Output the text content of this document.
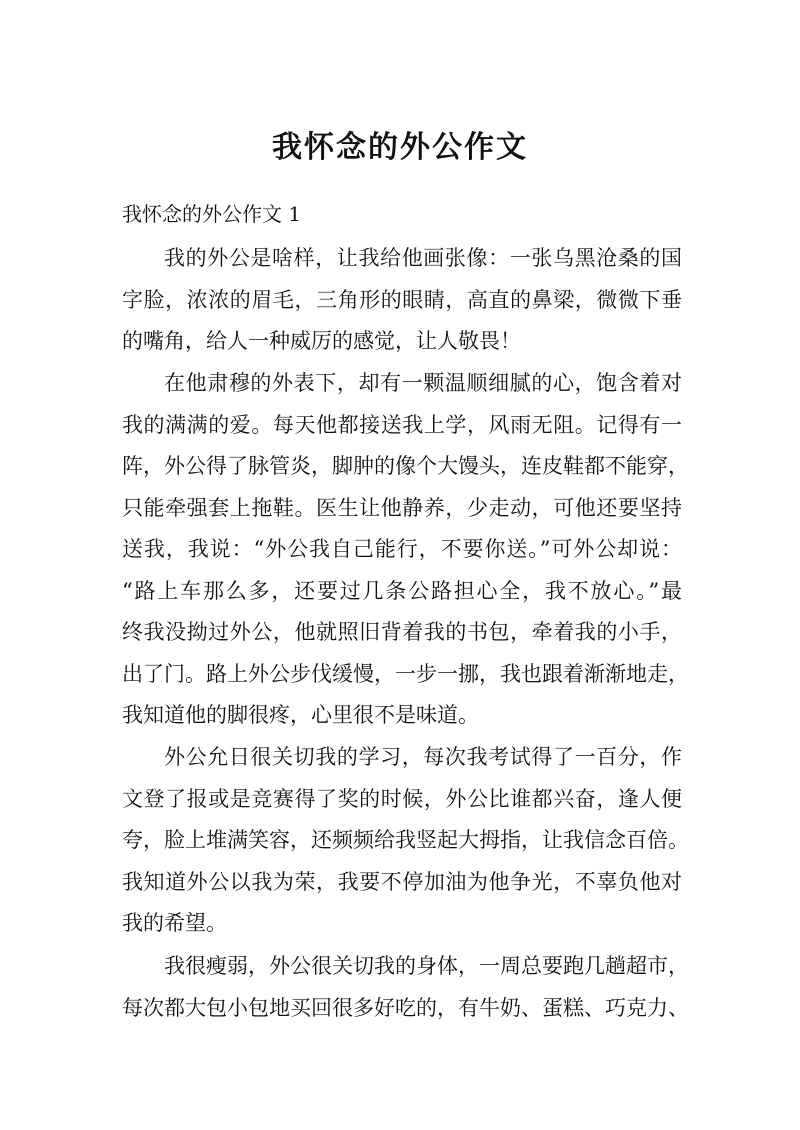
我怀念的外公作文
我怀念的外公作文 1
我的外公是啥样，让我给他画张像：一张乌黑沧桑的国
字脸，浓浓的眉毛，三角形的眼睛，高直的鼻梁，微微下垂
的嘴角，给人一种威厉的感觉，让人敬畏！
在他肃穆的外表下，却有一颗温顺细腻的心，饱含着对
我的满满的爱。每天他都接送我上学，风雨无阻。记得有一
阵，外公得了脉管炎，脚肿的像个大馒头，连皮鞋都不能穿，
只能牵强套上拖鞋。医生让他静养，少走动，可他还要坚持
送我，我说：“外公我自己能行，不要你送。”可外公却说：
“路上车那么多，还要过几条公路担心全，我不放心。”最
终我没拗过外公，他就照旧背着我的书包，牵着我的小手，
出了门。路上外公步伐缓慢，一步一挪，我也跟着渐渐地走，
我知道他的脚很疼，心里很不是味道。
外公允日很关切我的学习，每次我考试得了一百分，作
文登了报或是竞赛得了奖的时候，外公比谁都兴奋，逢人便
夸，脸上堆满笑容，还频频给我竖起大拇指，让我信念百倍。
我知道外公以我为荣，我要不停加油为他争光，不辜负他对
我的希望。
我很瘦弱，外公很关切我的身体，一周总要跑几趟超市，
每次都大包小包地买回很多好吃的，有牛奶、蛋糕、巧克力、
